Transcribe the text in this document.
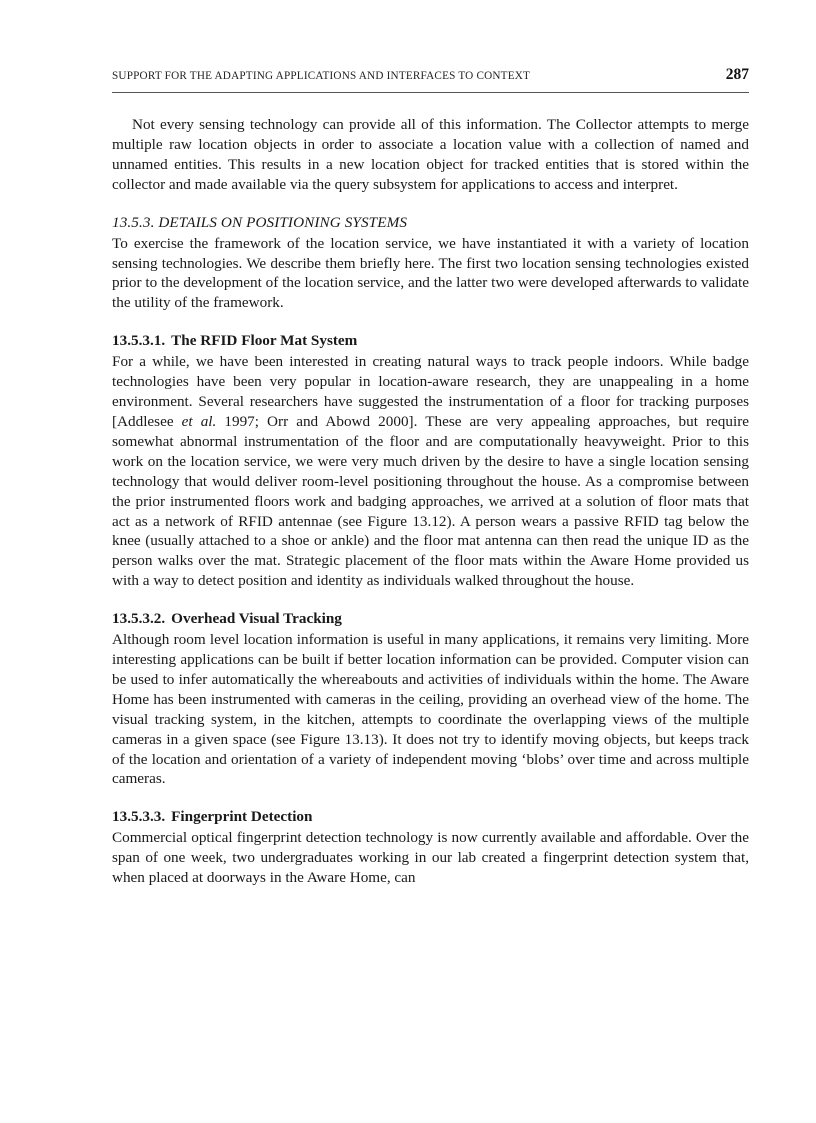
SUPPORT FOR THE ADAPTING APPLICATIONS AND INTERFACES TO CONTEXT	287

Not every sensing technology can provide all of this information. The Collector attempts to merge multiple raw location objects in order to associate a location value with a collection of named and unnamed entities. This results in a new location object for tracked entities that is stored within the collector and made available via the query subsystem for applications to access and interpret.

13.5.3. DETAILS ON POSITIONING SYSTEMS

To exercise the framework of the location service, we have instantiated it with a variety of location sensing technologies. We describe them briefly here. The first two location sensing technologies existed prior to the development of the location service, and the latter two were developed afterwards to validate the utility of the framework.

13.5.3.1. The RFID Floor Mat System

For a while, we have been interested in creating natural ways to track people indoors. While badge technologies have been very popular in location-aware research, they are unappealing in a home environment. Several researchers have suggested the instrumentation of a floor for tracking purposes [Addlesee et al. 1997; Orr and Abowd 2000]. These are very appealing approaches, but require somewhat abnormal instrumentation of the floor and are computationally heavyweight. Prior to this work on the location service, we were very much driven by the desire to have a single location sensing technology that would deliver room-level positioning throughout the house. As a compromise between the prior instrumented floors work and badging approaches, we arrived at a solution of floor mats that act as a network of RFID antennae (see Figure 13.12). A person wears a passive RFID tag below the knee (usually attached to a shoe or ankle) and the floor mat antenna can then read the unique ID as the person walks over the mat. Strategic placement of the floor mats within the Aware Home provided us with a way to detect position and identity as individuals walked throughout the house.

13.5.3.2. Overhead Visual Tracking

Although room level location information is useful in many applications, it remains very limiting. More interesting applications can be built if better location information can be provided. Computer vision can be used to infer automatically the whereabouts and activities of individuals within the home. The Aware Home has been instrumented with cameras in the ceiling, providing an overhead view of the home. The visual tracking system, in the kitchen, attempts to coordinate the overlapping views of the multiple cameras in a given space (see Figure 13.13). It does not try to identify moving objects, but keeps track of the location and orientation of a variety of independent moving ‘blobs’ over time and across multiple cameras.

13.5.3.3. Fingerprint Detection

Commercial optical fingerprint detection technology is now currently available and affordable. Over the span of one week, two undergraduates working in our lab created a fingerprint detection system that, when placed at doorways in the Aware Home, can
